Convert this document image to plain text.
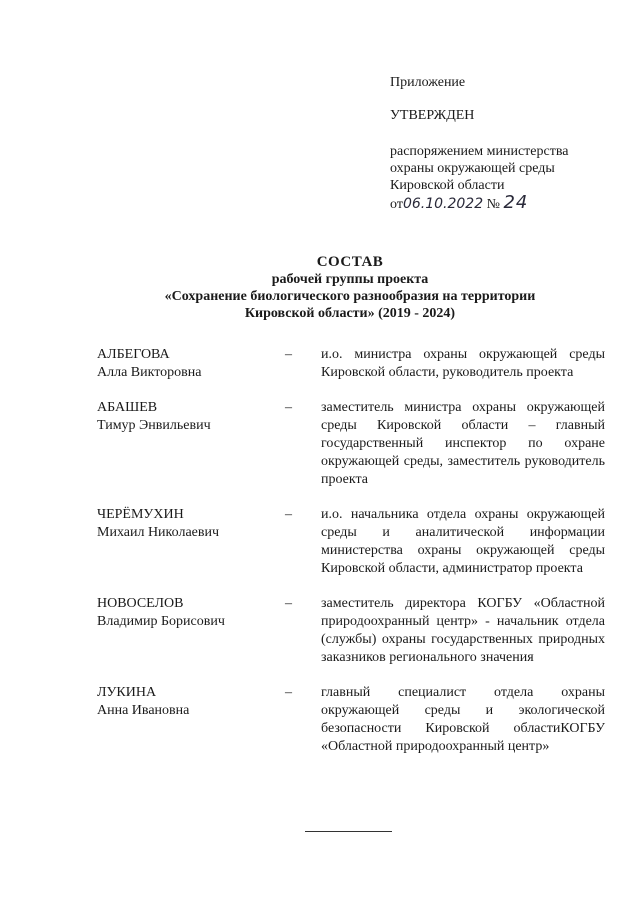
Приложение
УТВЕРЖДЕН
распоряжением министерства
охраны окружающей среды
Кировской области
от06.10.2022 № 24
СОСТАВ
рабочей группы проекта
«Сохранение биологического разнообразия на территории
Кировской области» (2019 - 2024)
АЛБЕГОВА
Алла Викторовна
–	и.о. министра охраны окружающей среды Кировской области, руководитель проекта
АБАШЕВ
Тимур Энвильевич
–	заместитель министра охраны окружающей среды Кировской области – главный государственный инспектор по охране окружающей среды, заместитель руководитель проекта
ЧЕРЁМУХИН
Михаил Николаевич
–	и.о. начальника отдела охраны окружающей среды и аналитической информации министерства охраны окружающей среды Кировской области, администратор проекта
НОВОСЕЛОВ
Владимир Борисович
–	заместитель директора КОГБУ «Областной природоохранный центр» - начальник отдела (службы) охраны государственных природных заказников регионального значения
ЛУКИНА
Анна Ивановна
–	главный специалист отдела охраны окружающей среды и экологической безопасности Кировской областиКОГБУ «Областной природоохранный центр»
